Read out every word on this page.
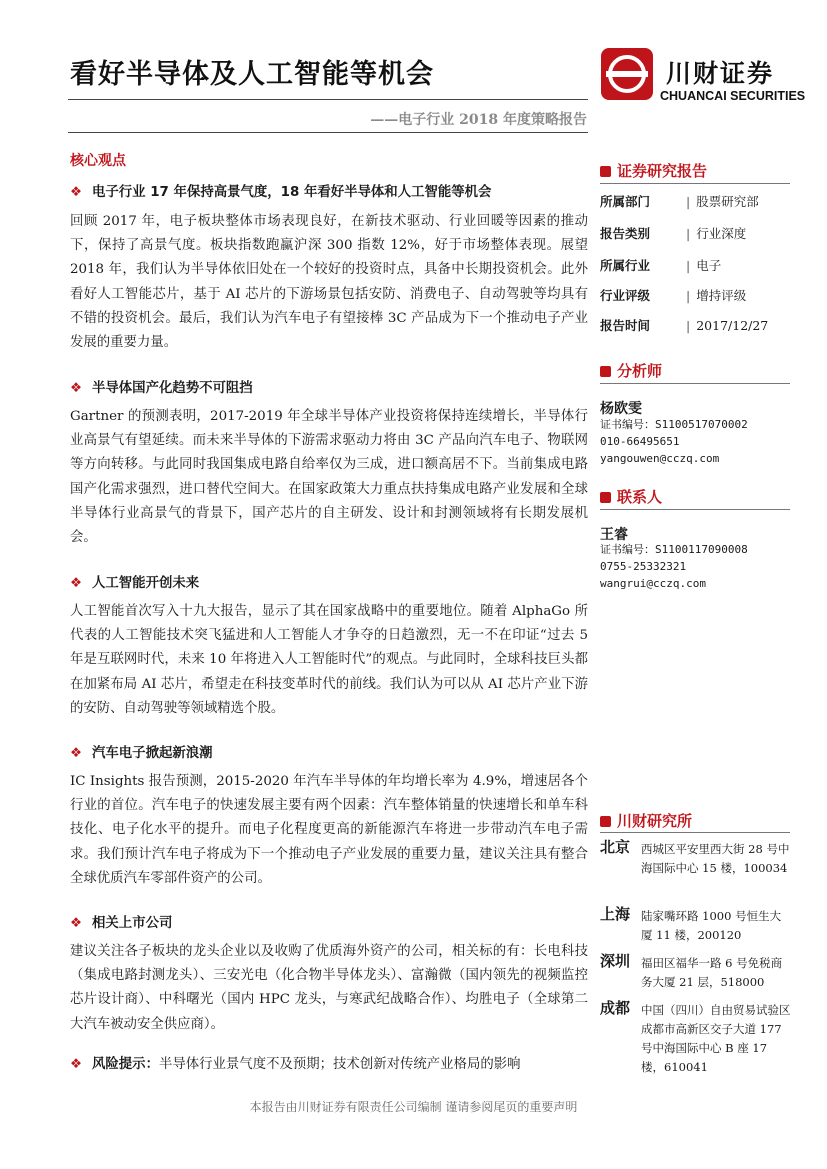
看好半导体及人工智能等机会
——电子行业 2018 年度策略报告
川财证券
CHUANCAI SECURITIES
核心观点
❖ 电子行业 17 年保持高景气度，18 年看好半导体和人工智能等机会
回顾 2017 年，电子板块整体市场表现良好，在新技术驱动、行业回暖等因素的推动下，保持了高景气度。板块指数跑赢沪深 300 指数 12%，好于市场整体表现。展望 2018 年，我们认为半导体依旧处在一个较好的投资时点，具备中长期投资机会。此外看好人工智能芯片，基于 AI 芯片的下游场景包括安防、消费电子、自动驾驶等均具有不错的投资机会。最后，我们认为汽车电子有望接棒 3C 产品成为下一个推动电子产业发展的重要力量。
❖ 半导体国产化趋势不可阻挡
Gartner 的预测表明，2017-2019 年全球半导体产业投资将保持连续增长，半导体行业高景气有望延续。而未来半导体的下游需求驱动力将由 3C 产品向汽车电子、物联网等方向转移。与此同时我国集成电路自给率仅为三成，进口额高居不下。当前集成电路国产化需求强烈，进口替代空间大。在国家政策大力重点扶持集成电路产业发展和全球半导体行业高景气的背景下，国产芯片的自主研发、设计和封测领域将有长期发展机会。
❖ 人工智能开创未来
人工智能首次写入十九大报告，显示了其在国家战略中的重要地位。随着 AlphaGo 所代表的人工智能技术突飞猛进和人工智能人才争夺的日趋激烈，无一不在印证“过去 5 年是互联网时代，未来 10 年将进入人工智能时代”的观点。与此同时，全球科技巨头都在加紧布局 AI 芯片，希望走在科技变革时代的前线。我们认为可以从 AI 芯片产业下游的安防、自动驾驶等领域精选个股。
❖ 汽车电子掀起新浪潮
IC Insights 报告预测，2015-2020 年汽车半导体的年均增长率为 4.9%，增速居各个行业的首位。汽车电子的快速发展主要有两个因素：汽车整体销量的快速增长和单车科技化、电子化水平的提升。而电子化程度更高的新能源汽车将进一步带动汽车电子需求。我们预计汽车电子将成为下一个推动电子产业发展的重要力量，建议关注具有整合全球优质汽车零部件资产的公司。
❖ 相关上市公司
建议关注各子板块的龙头企业以及收购了优质海外资产的公司，相关标的有：长电科技（集成电路封测龙头）、三安光电（化合物半导体龙头）、富瀚微（国内领先的视频监控芯片设计商）、中科曙光（国内 HPC 龙头，与寒武纪战略合作）、均胜电子（全球第二大汽车被动安全供应商）。
❖ 风险提示：半导体行业景气度不及预期；技术创新对传统产业格局的影响
证券研究报告
所属部门	| 股票研究部
报告类别	| 行业深度
所属行业	| 电子
行业评级	| 增持评级
报告时间	| 2017/12/27
分析师
杨欧雯
证书编号：S1100517070002
010-66495651
yangouwen@cczq.com
联系人
王睿
证书编号：S1100117090008
0755-25332321
wangrui@cczq.com
川财研究所
北京 西城区平安里西大街 28 号中海国际中心 15 楼，100034
上海 陆家嘴环路 1000 号恒生大厦 11 楼，200120
深圳 福田区福华一路 6 号免税商务大厦 21 层，518000
成都 中国（四川）自由贸易试验区成都市高新区交子大道 177 号中海国际中心 B 座 17 楼，610041
本报告由川财证券有限责任公司编制 谨请参阅尾页的重要声明
